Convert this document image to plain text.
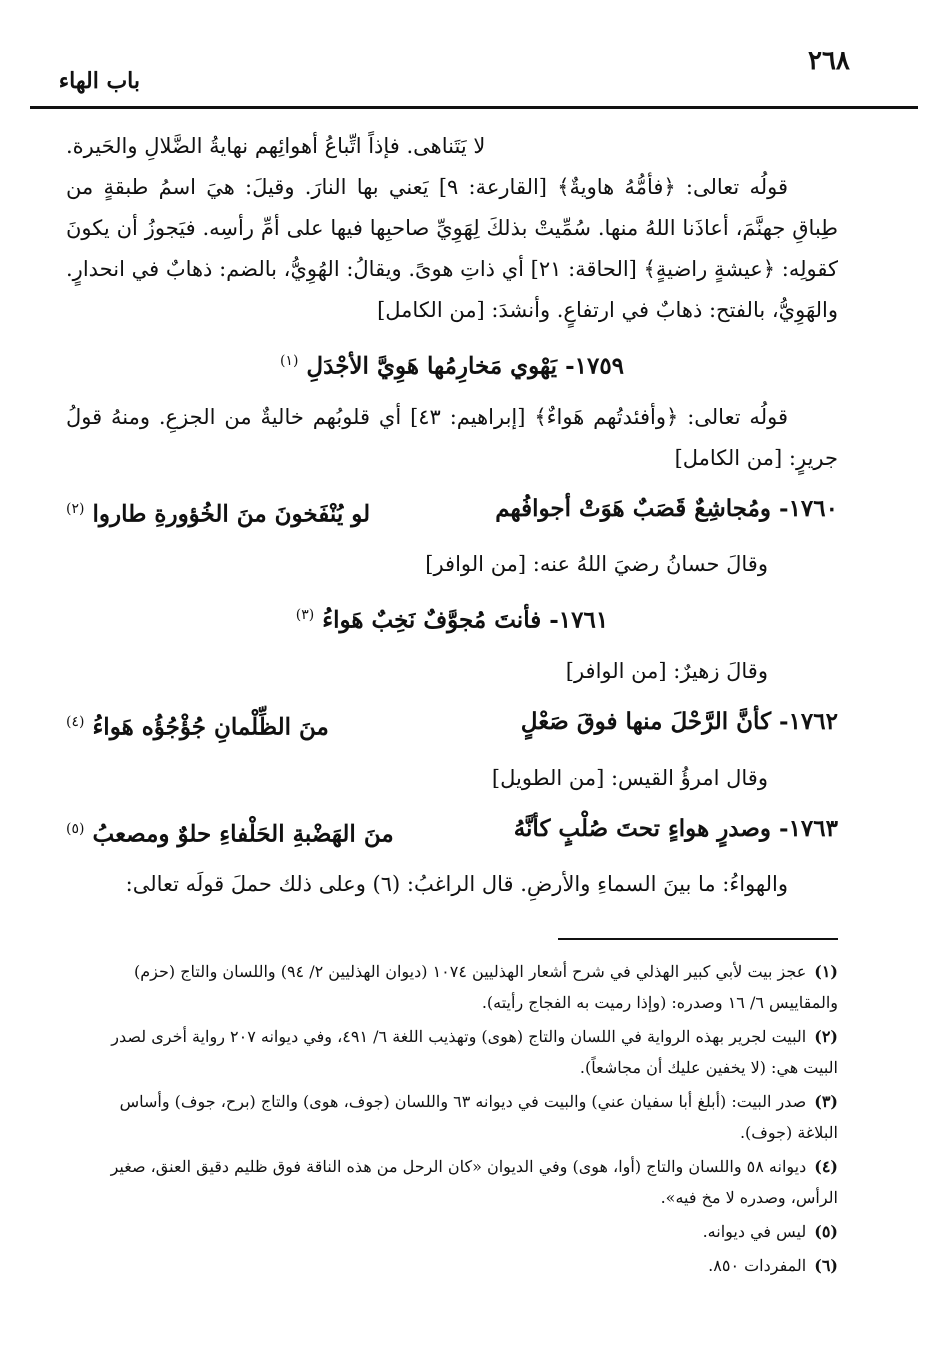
باب الهاء
٢٦٨

لا يَتَناهى. فإذاً اتِّباعُ أهوائِهم نهايةُ الضَّلالِ والحَيرة.

قولُه تعالى: ﴿فأمُّهُ هاويةٌ﴾ [القارعة: ٩] يَعني بها النارَ. وقيلَ: هيَ اسمُ طبقةٍ من طِباقِ جهنَّمَ، أعاذَنا اللهُ منها. سُمِّيتْ بذلكَ لِهَوِيِّ صاحبِها فيها على أمِّ رأسِه. فيَجوزُ أن يكونَ كقولِه: ﴿عيشةٍ راضيةٍ﴾ [الحاقة: ٢١] أي ذاتِ هوىً. ويقالُ: الهُوِيُّ، بالضم: ذهابٌ في انحدارٍ. والهَوِيُّ، بالفتح: ذهابٌ في ارتفاعٍ. وأنشدَ: [من الكامل]

١٧٥٩- يَهْوي مَخارِمُها هَوِيَّ الأجْدَلِ $^{(١)}$

قولُه تعالى: ﴿وأفئدتُهم هَواءٌ﴾ [إبراهيم: ٤٣] أي قلوبُهم خاليةٌ من الجزعِ. ومنهُ قولُ جريرٍ: [من الكامل]

١٧٦٠- ومُجاشِعٌ قَصَبٌ هَوَتْ أجوافُهم
لو يُنْفَخونَ منَ الخُؤورةِ طاروا $^{(٢)}$

وقالَ حسانُ رضيَ اللهُ عنه: [من الوافر]

١٧٦١- فأنتَ مُجوَّفٌ نَخِبٌ هَواءُ $^{(٣)}$

وقالَ زهيرٌ: [من الوافر]

١٧٦٢- كأنَّ الرَّحْلَ منها فوقَ صَعْلٍ
منَ الظِّلْمانِ جُؤْجُؤُه هَواءُ $^{(٤)}$

وقال امرؤُ القيس: [من الطويل]

١٧٦٣- وصدرٍ هواءٍ تحتَ صُلْبٍ كأنَّهُ
منَ الهَضْبةِ الحَلْفاءِ حلوٌ ومصعبُ $^{(٥)}$

والهواءُ: ما بينَ السماءِ والأرضِ. قال الراغبُ: (٦) وعلى ذلك حملَ قولَه تعالى:

(١)عجز بيت لأبي كبير الهذلي في شرح أشعار الهذليين ١٠٧٤ (ديوان الهذليين ٢/ ٩٤) واللسان والتاج (حزم) والمقاييس ٦/ ١٦ وصدره: (وإذا رميت به الفجاج رأيته).

(٢)البيت لجرير بهذه الرواية في اللسان والتاج (هوى) وتهذيب اللغة ٦/ ٤٩١، وفي ديوانه ٢٠٧ رواية أخرى لصدر البيت هي: (لا يخفين عليك أن مجاشعاً).

(٣)صدر البيت: (أبلغ أبا سفيان عني) والبيت في ديوانه ٦٣ واللسان (جوف، هوى) والتاج (برح، جوف) وأساس البلاغة (جوف).

(٤)ديوانه ٥٨ واللسان والتاج (أوا، هوى) وفي الديوان «كان الرحل من هذه الناقة فوق ظليم دقيق العنق، صغير الرأس، وصدره لا مخ فيه».

(٥)ليس في ديوانه.

(٦)المفردات ٨٥٠.
